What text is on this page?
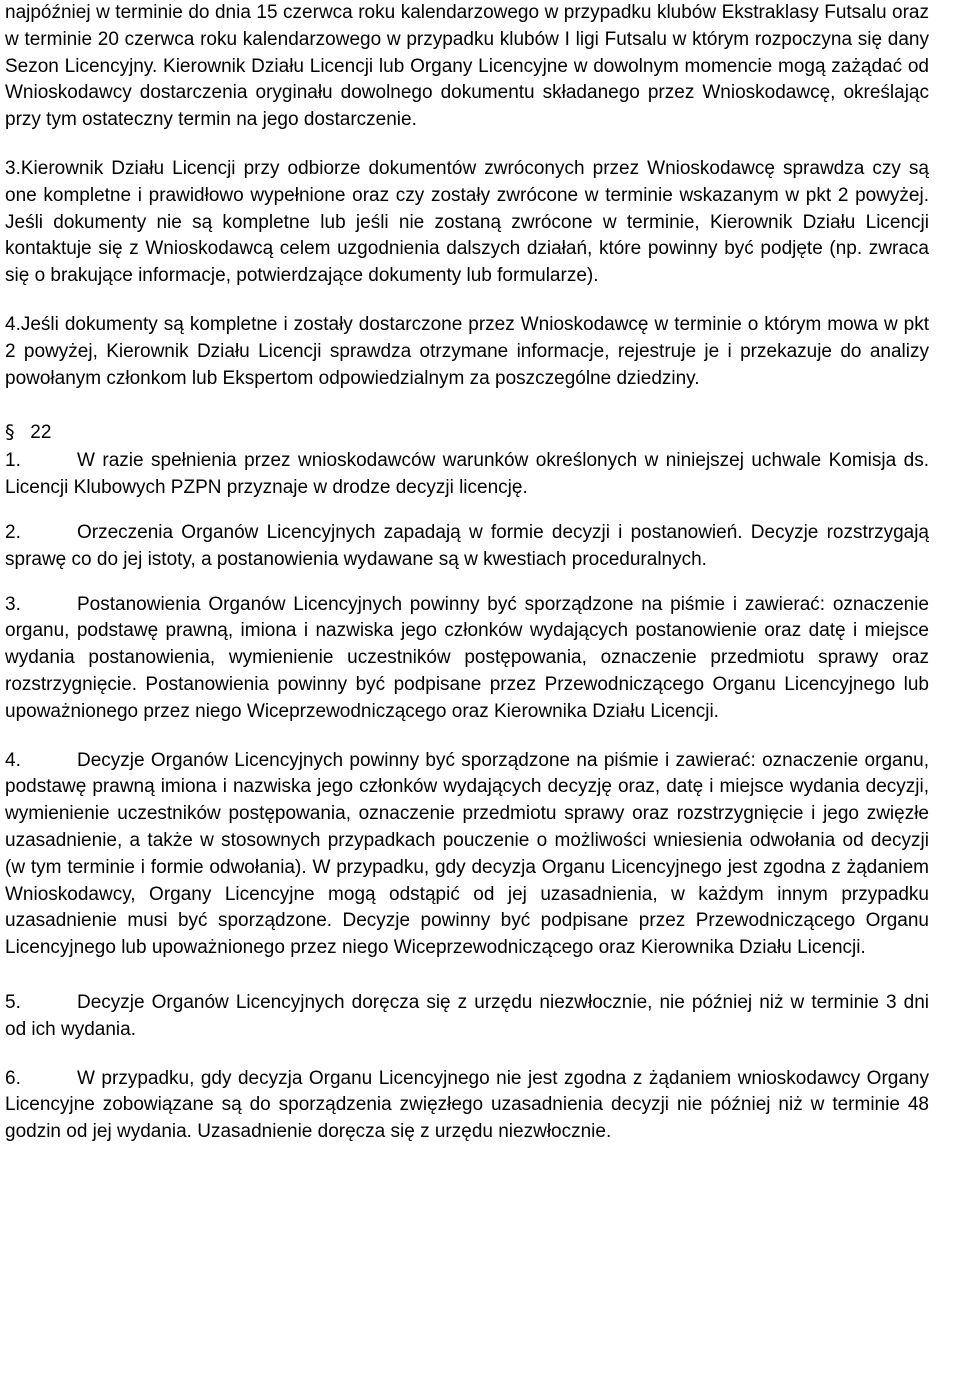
najpóźniej w terminie do dnia 15 czerwca roku kalendarzowego w przypadku klubów Ekstraklasy Futsalu oraz w terminie 20 czerwca roku kalendarzowego w przypadku klubów I ligi Futsalu w którym rozpoczyna się dany Sezon Licencyjny. Kierownik Działu Licencji lub Organy Licencyjne w dowolnym momencie mogą zażądać od Wnioskodawcy dostarczenia oryginału dowolnego dokumentu składanego przez Wnioskodawcę, określając przy tym ostateczny termin na jego dostarczenie.

3.Kierownik Działu Licencji przy odbiorze dokumentów zwróconych przez Wnioskodawcę sprawdza czy są one kompletne i prawidłowo wypełnione oraz czy zostały zwrócone w terminie wskazanym w pkt 2 powyżej. Jeśli dokumenty nie są kompletne lub jeśli nie zostaną zwrócone w terminie, Kierownik Działu Licencji kontaktuje się z Wnioskodawcą celem uzgodnienia dalszych działań, które powinny być podjęte (np. zwraca się o brakujące informacje, potwierdzające dokumenty lub formularze).

4.Jeśli dokumenty są kompletne i zostały dostarczone przez Wnioskodawcę w terminie o którym mowa w pkt 2 powyżej, Kierownik Działu Licencji sprawdza otrzymane informacje, rejestruje je i przekazuje do analizy powołanym członkom lub Ekspertom odpowiedzialnym za poszczególne dziedziny.

§ 22

1.	W razie spełnienia przez wnioskodawców warunków określonych w niniejszej uchwale Komisja ds. Licencji Klubowych PZPN przyznaje w drodze decyzji licencję.

2.	Orzeczenia Organów Licencyjnych zapadają w formie decyzji i postanowień. Decyzje rozstrzygają sprawę co do jej istoty, a postanowienia wydawane są w kwestiach proceduralnych.

3.	Postanowienia Organów Licencyjnych powinny być sporządzone na piśmie i zawierać: oznaczenie organu, podstawę prawną, imiona i nazwiska jego członków wydających postanowienie oraz datę i miejsce wydania postanowienia, wymienienie uczestników postępowania, oznaczenie przedmiotu sprawy oraz rozstrzygnięcie. Postanowienia powinny być podpisane przez Przewodniczącego Organu Licencyjnego lub upoważnionego przez niego Wiceprzewodniczącego oraz Kierownika Działu Licencji.

4.	Decyzje Organów Licencyjnych powinny być sporządzone na piśmie i zawierać: oznaczenie organu, podstawę prawną imiona i nazwiska jego członków wydających decyzję oraz, datę i miejsce wydania decyzji, wymienienie uczestników postępowania, oznaczenie przedmiotu sprawy oraz rozstrzygnięcie i jego zwięzłe uzasadnienie, a także w stosownych przypadkach pouczenie o możliwości wniesienia odwołania od decyzji (w tym terminie i formie odwołania). W przypadku, gdy decyzja Organu Licencyjnego jest zgodna z żądaniem Wnioskodawcy, Organy Licencyjne mogą odstąpić od jej uzasadnienia, w każdym innym przypadku uzasadnienie musi być sporządzone. Decyzje powinny być podpisane przez Przewodniczącego Organu Licencyjnego lub upoważnionego przez niego Wiceprzewodniczącego oraz Kierownika Działu Licencji.

5.	Decyzje Organów Licencyjnych doręcza się z urzędu niezwłocznie, nie później niż w terminie 3 dni od ich wydania.

6.	W przypadku, gdy decyzja Organu Licencyjnego nie jest zgodna z żądaniem wnioskodawcy Organy Licencyjne zobowiązane są do sporządzenia zwięzłego uzasadnienia decyzji nie później niż w terminie 48 godzin od jej wydania. Uzasadnienie doręcza się z urzędu niezwłocznie.
